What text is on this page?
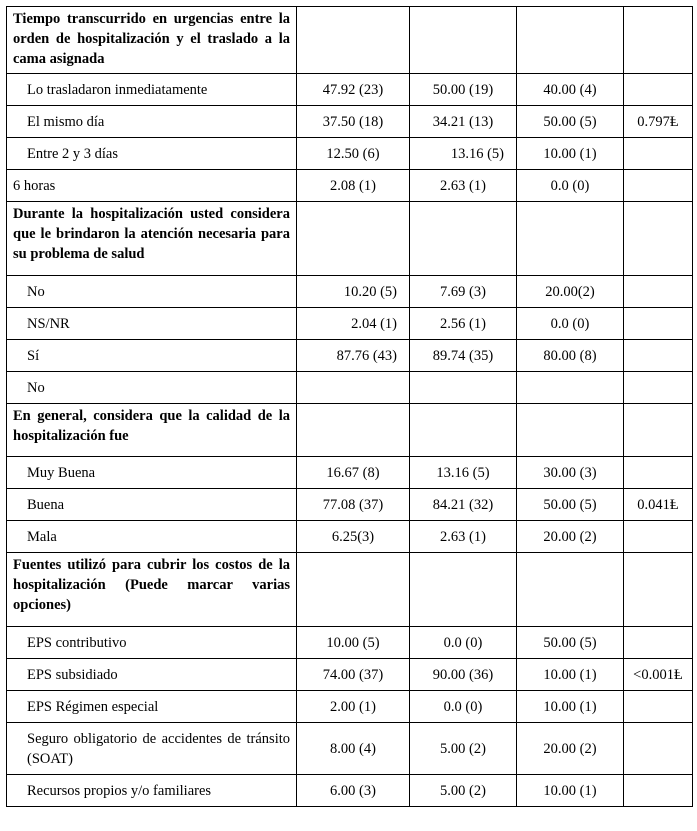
Tiempo transcurrido en urgencias entre la orden de hospitalización y el traslado a la cama asignada				
Lo trasladaron inmediatamente	47.92 (23)	50.00 (19)	40.00 (4)	
El mismo día	37.50 (18)	34.21 (13)	50.00 (5)	0.797Ⱡ
Entre 2 y 3 días	12.50 (6)	13.16 (5)	10.00 (1)	
6 horas	2.08 (1)	2.63 (1)	0.0 (0)	
Durante la hospitalización usted considera que le brindaron la atención necesaria para su problema de salud				
No	10.20 (5)	7.69 (3)	20.00(2)	
NS/NR	2.04 (1)	2.56 (1)	0.0 (0)	
Sí	87.76 (43)	89.74 (35)	80.00 (8)	
No				
En general, considera que la calidad de la hospitalización fue				
Muy Buena	16.67 (8)	13.16 (5)	30.00 (3)	
Buena	77.08 (37)	84.21 (32)	50.00 (5)	0.041Ⱡ
Mala	6.25(3)	2.63 (1)	20.00 (2)	
Fuentes utilizó para cubrir los costos de la hospitalización (Puede marcar varias opciones)				
EPS contributivo	10.00 (5)	0.0 (0)	50.00 (5)	
EPS subsidiado	74.00 (37)	90.00 (36)	10.00 (1)	<0.001Ⱡ
EPS Régimen especial	2.00 (1)	0.0 (0)	10.00 (1)	
Seguro obligatorio de accidentes de tránsito (SOAT)	8.00 (4)	5.00 (2)	20.00 (2)	
Recursos propios y/o familiares	6.00 (3)	5.00 (2)	10.00 (1)	
